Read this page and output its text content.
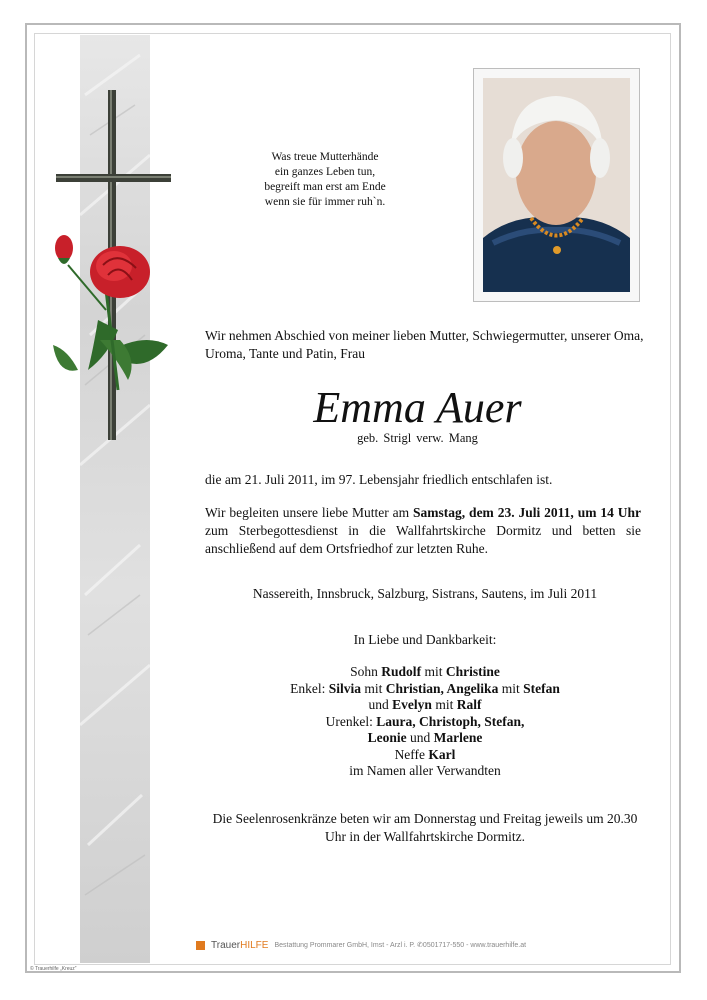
Was treue Mutterhände
ein ganzes Leben tun,
begreift man erst am Ende
wenn sie für immer ruh`n.
Wir nehmen Abschied von meiner lieben Mutter, Schwiegermutter, unserer Oma, Uroma, Tante und Patin, Frau
Emma Auer
geb. Strigl verw. Mang
die am 21. Juli 2011, im 97. Lebensjahr friedlich entschlafen ist.
Wir begleiten unsere liebe Mutter am Samstag, dem 23. Juli 2011, um 14 Uhr zum Sterbegottesdienst in die Wallfahrtskirche Dormitz und betten sie anschließend auf dem Ortsfriedhof zur letzten Ruhe.
Nassereith, Innsbruck, Salzburg, Sistrans, Sautens, im Juli 2011
In Liebe und Dankbarkeit:
Sohn Rudolf mit Christine
Enkel: Silvia mit Christian, Angelika mit Stefan
und Evelyn mit Ralf
Urenkel: Laura, Christoph, Stefan,
Leonie und Marlene
Neffe Karl
im Namen aller Verwandten
Die Seelenrosenkränze beten wir am Donnerstag und Freitag jeweils um 20.30 Uhr in der Wallfahrtskirche Dormitz.
TrauerHILFE Bestattung Prommarer GmbH, Imst - Arzl i. P. ✆0501717-550 - www.trauerhilfe.at
© Trauerhilfe „Kreuz”
